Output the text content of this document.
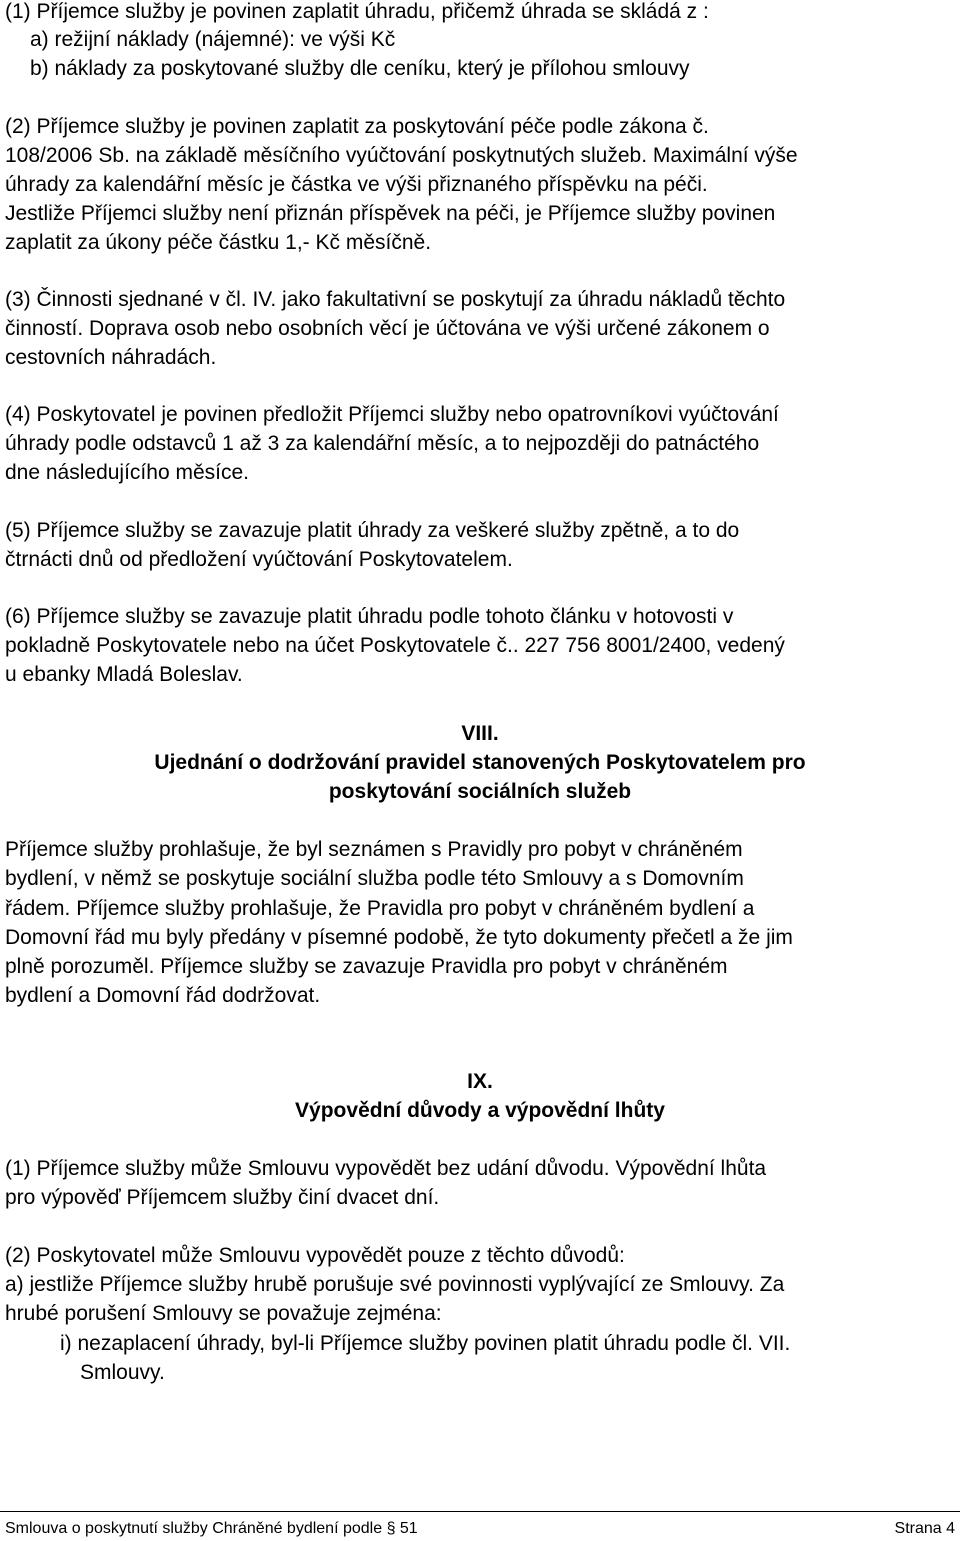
(1) Příjemce služby je povinen zaplatit úhradu, přičemž úhrada se skládá z :
a) režijní náklady (nájemné): ve výši Kč
b) náklady za poskytované služby dle ceníku, který je přílohou smlouvy
(2) Příjemce služby je povinen zaplatit za poskytování péče podle zákona č.
108/2006 Sb. na základě měsíčního vyúčtování poskytnutých služeb. Maximální výše
úhrady za kalendářní měsíc je částka ve výši přiznaného příspěvku na péči.
Jestliže Příjemci služby není přiznán příspěvek na péči, je Příjemce služby povinen
zaplatit za úkony péče částku 1,- Kč měsíčně.
(3) Činnosti sjednané v čl. IV. jako fakultativní se poskytují za úhradu nákladů těchto
činností. Doprava osob nebo osobních věcí je účtována ve výši určené zákonem o
cestovních náhradách.
(4) Poskytovatel je povinen předložit Příjemci služby nebo opatrovníkovi vyúčtování
úhrady podle odstavců 1 až 3 za kalendářní měsíc, a to nejpozději do patnáctého
dne následujícího měsíce.
(5) Příjemce služby se zavazuje platit úhrady za veškeré služby zpětně, a to do
čtrnácti dnů od předložení vyúčtování Poskytovatelem.
(6) Příjemce služby se zavazuje platit úhradu podle tohoto článku v hotovosti v
pokladně Poskytovatele nebo na účet Poskytovatele č.. 227 756 8001/2400, vedený
u ebanky Mladá Boleslav.
VIII.
Ujednání o dodržování pravidel stanovených Poskytovatelem pro
poskytování sociálních služeb
Příjemce služby prohlašuje, že byl seznámen s Pravidly pro pobyt v chráněném
bydlení, v němž se poskytuje sociální služba podle této Smlouvy a s Domovním
řádem. Příjemce služby prohlašuje, že Pravidla pro pobyt v chráněném bydlení a
Domovní řád mu byly předány v písemné podobě, že tyto dokumenty přečetl a že jim
plně porozuměl. Příjemce služby se zavazuje Pravidla pro pobyt v chráněném
bydlení a Domovní řád dodržovat.
IX.
Výpovědní důvody a výpovědní lhůty
(1) Příjemce služby může Smlouvu vypovědět bez udání důvodu. Výpovědní lhůta
pro výpověď Příjemcem služby činí dvacet dní.
(2) Poskytovatel může Smlouvu vypovědět pouze z těchto důvodů:
a) jestliže Příjemce služby hrubě porušuje své povinnosti vyplývající ze Smlouvy. Za
hrubé porušení Smlouvy se považuje zejména:
i) nezaplacení úhrady, byl-li Příjemce služby povinen platit úhradu podle čl. VII.
Smlouvy.
Smlouva o poskytnutí služby Chráněné bydlení podle § 51	Strana 4
